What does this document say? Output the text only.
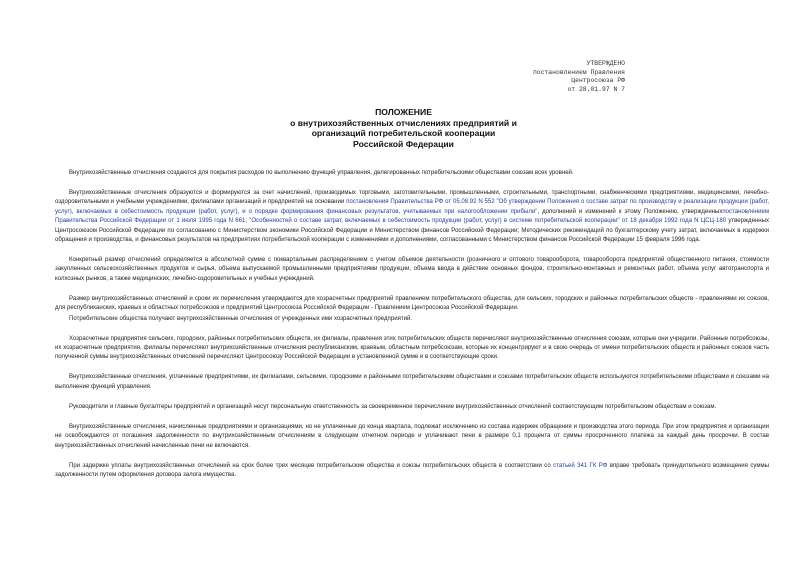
УТВЕРЖДЕНО
постановлением Правления
Центросоюза РФ
от 28.01.97 N 7
ПОЛОЖЕНИЕ
о внутрихозяйственных отчислениях предприятий и
организаций потребительской кооперации
Российской Федерации

Внутрихозяйственные отчисления создаются для покрытия расходов по выполнению функций управления, делегированных потребительскими обществами союзам всех уровней.

Внутрихозяйственные отчисления образуются и формируются за счет начислений, производимых торговыми, заготовительными, промышленными, строительными, транспортными, снабженческими предприятиями, медицинскими, лечебно-оздоровительными и учебными учреждениями, филиалами организаций и предприятий на основании постановления Правительства РФ от 05.08.92 N 552 "Об утверждении Положения о составе затрат по производству и реализации продукции (работ, услуг), включаемых в себестоимость продукции (работ, услуг), и о порядке формирования финансовых результатов, учитываемых при налогообложении прибыли", дополнений и изменений к этому Положению, утвержденныхпостановлением Правительства Российской Федерации от 1 июля 1995 года N 661; "Особенностей о составе затрат, включаемых в себестоимость продукции (работ, услуг) в системе потребительской кооперации" от 18 декабря 1992 года N ЦСЦ-180 утвержденных Центросоюзом Российской Федерации по согласованию с Министерством экономики Российской Федерации и Министерством финансов Российской Федерации; Методических рекомендаций по бухгалтерскому учету затрат, включаемых в издержки обращения и производства, и финансовых результатов на предприятиях потребительской кооперации с изменениями и дополнениями, согласованными с Министерством финансов Российской Федерации 15 февраля 1996 года.

Конкретный размер отчислений определяется в абсолютной сумме с поквартальным распределением с учетом объемов деятельности (розничного и оптового товарооборота, товарооборота предприятий общественного питания, стоимости закупленных сельскохозяйственных продуктов и сырья, объема выпускаемой промышленными предприятиями продукции, объема ввода в действие основных фондов, строительно-монтажных и ремонтных работ, объема услуг автотранспорта и колхозных рынков, а также медицинских, лечебно-оздоровительных и учебных учреждений.

Размер внутрихозяйственных отчислений и сроки их перечисления утверждаются для хозрасчетных предприятий правлением потребительского общества, для сельских, городских и районных потребительских обществ - правлениями их союзов, для республиканских, краевых и областных потребсоюзов и предприятий Центросоюза Российской Федерации - Правлением Центросоюза Российской Федерации.

Потребительские общества получают внутрихозяйственные отчисления от учрежденных ими хозрасчетных предприятий.

Хозрасчетные предприятия сельских, городских, районных потребительских обществ, их филиалы, правления этих потребительских обществ перечисляют внутрихозяйственные отчисления союзам, которые они учредили. Районные потребсоюзы, их хозрасчетные предприятия, филиалы перечисляют внутрихозяйственные отчисления республиканским, краевым, областным потребсоюзам, которые их концентрируют и в свою очередь от имени потребительских обществ и районных союзов часть полученной суммы внутрихозяйственных отчислений перечисляют Центросоюзу Российской Федерации в установленной сумме и в соответствующие сроки.

Внутрихозяйственные отчисления, уплаченные предприятиями, их филиалами, сельскими, городскими и районными потребительскими обществами и союзами потребительских обществ используются потребительскими обществами и союзами на выполнение функций управления.

Руководители и главные бухгалтеры предприятий и организаций несут персональную ответственность за своевременное перечисление внутрихозяйственных отчислений соответствующим потребительским обществам и союзам.

Внутрихозяйственные отчисления, начисленные предприятиями и организациями, но не уплаченные до конца квартала, подлежат исключению из состава издержек обращения и производства этого периода. При этом предприятия и организации не освобождаются от погашения задолженности по внутрихозяйственным отчислениям в следующем отчетном периоде и уплачивают пени в размере 0,1 процента от суммы просроченного платежа за каждый день просрочки. В состав внутрихозяйственных отчислений начисленные пени не включаются.

При задержке уплаты внутрихозяйственных отчислений на срок более трех месяцев потребительские общества и союзы потребительских обществ в соответствии со статьей 341 ГК РФ вправе требовать принудительного возмещения суммы задолженности путем оформления договора залога имущества.
